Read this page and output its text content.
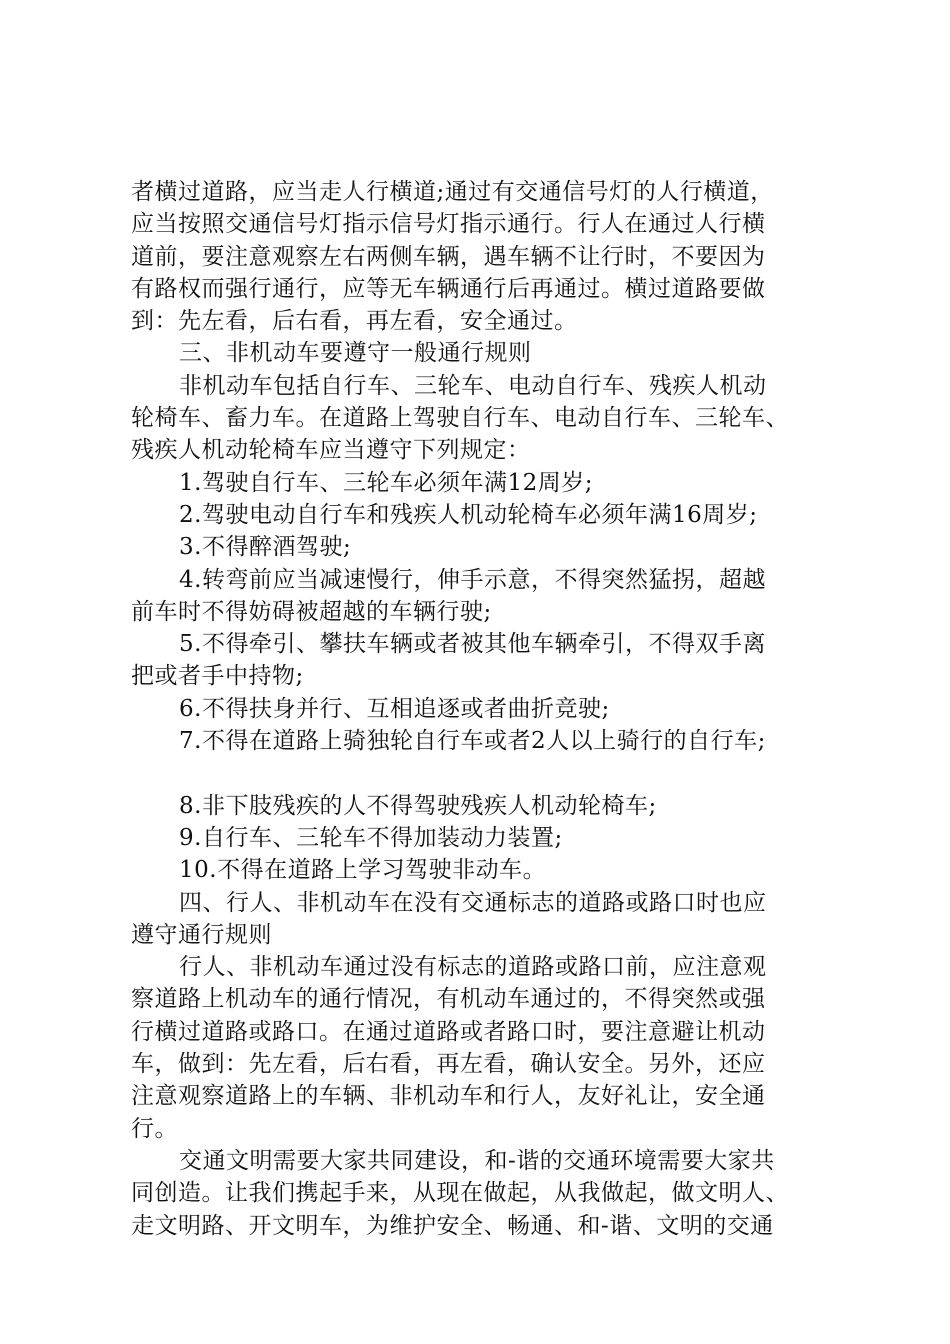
者横过道路，应当走人行横道;通过有交通信号灯的人行横道，
应当按照交通信号灯指示信号灯指示通行。行人在通过人行横
道前，要注意观察左右两侧车辆，遇车辆不让行时，不要因为
有路权而强行通行，应等无车辆通行后再通过。横过道路要做
到：先左看，后右看，再左看，安全通过。
三、非机动车要遵守一般通行规则
非机动车包括自行车、三轮车、电动自行车、残疾人机动
轮椅车、畜力车。在道路上驾驶自行车、电动自行车、三轮车、
残疾人机动轮椅车应当遵守下列规定：
1.驾驶自行车、三轮车必须年满12周岁;
2.驾驶电动自行车和残疾人机动轮椅车必须年满16周岁;
3.不得醉酒驾驶;
4.转弯前应当减速慢行，伸手示意，不得突然猛拐，超越
前车时不得妨碍被超越的车辆行驶;
5.不得牵引、攀扶车辆或者被其他车辆牵引，不得双手离
把或者手中持物;
6.不得扶身并行、互相追逐或者曲折竞驶;
7.不得在道路上骑独轮自行车或者2人以上骑行的自行车;
8.非下肢残疾的人不得驾驶残疾人机动轮椅车;
9.自行车、三轮车不得加装动力装置;
10.不得在道路上学习驾驶非动车。
四、行人、非机动车在没有交通标志的道路或路口时也应
遵守通行规则
行人、非机动车通过没有标志的道路或路口前，应注意观
察道路上机动车的通行情况，有机动车通过的，不得突然或强
行横过道路或路口。在通过道路或者路口时，要注意避让机动
车，做到：先左看，后右看，再左看，确认安全。另外，还应
注意观察道路上的车辆、非机动车和行人，友好礼让，安全通
行。
交通文明需要大家共同建设，和-谐的交通环境需要大家共
同创造。让我们携起手来，从现在做起，从我做起，做文明人、
走文明路、开文明车，为维护安全、畅通、和-谐、文明的交通
